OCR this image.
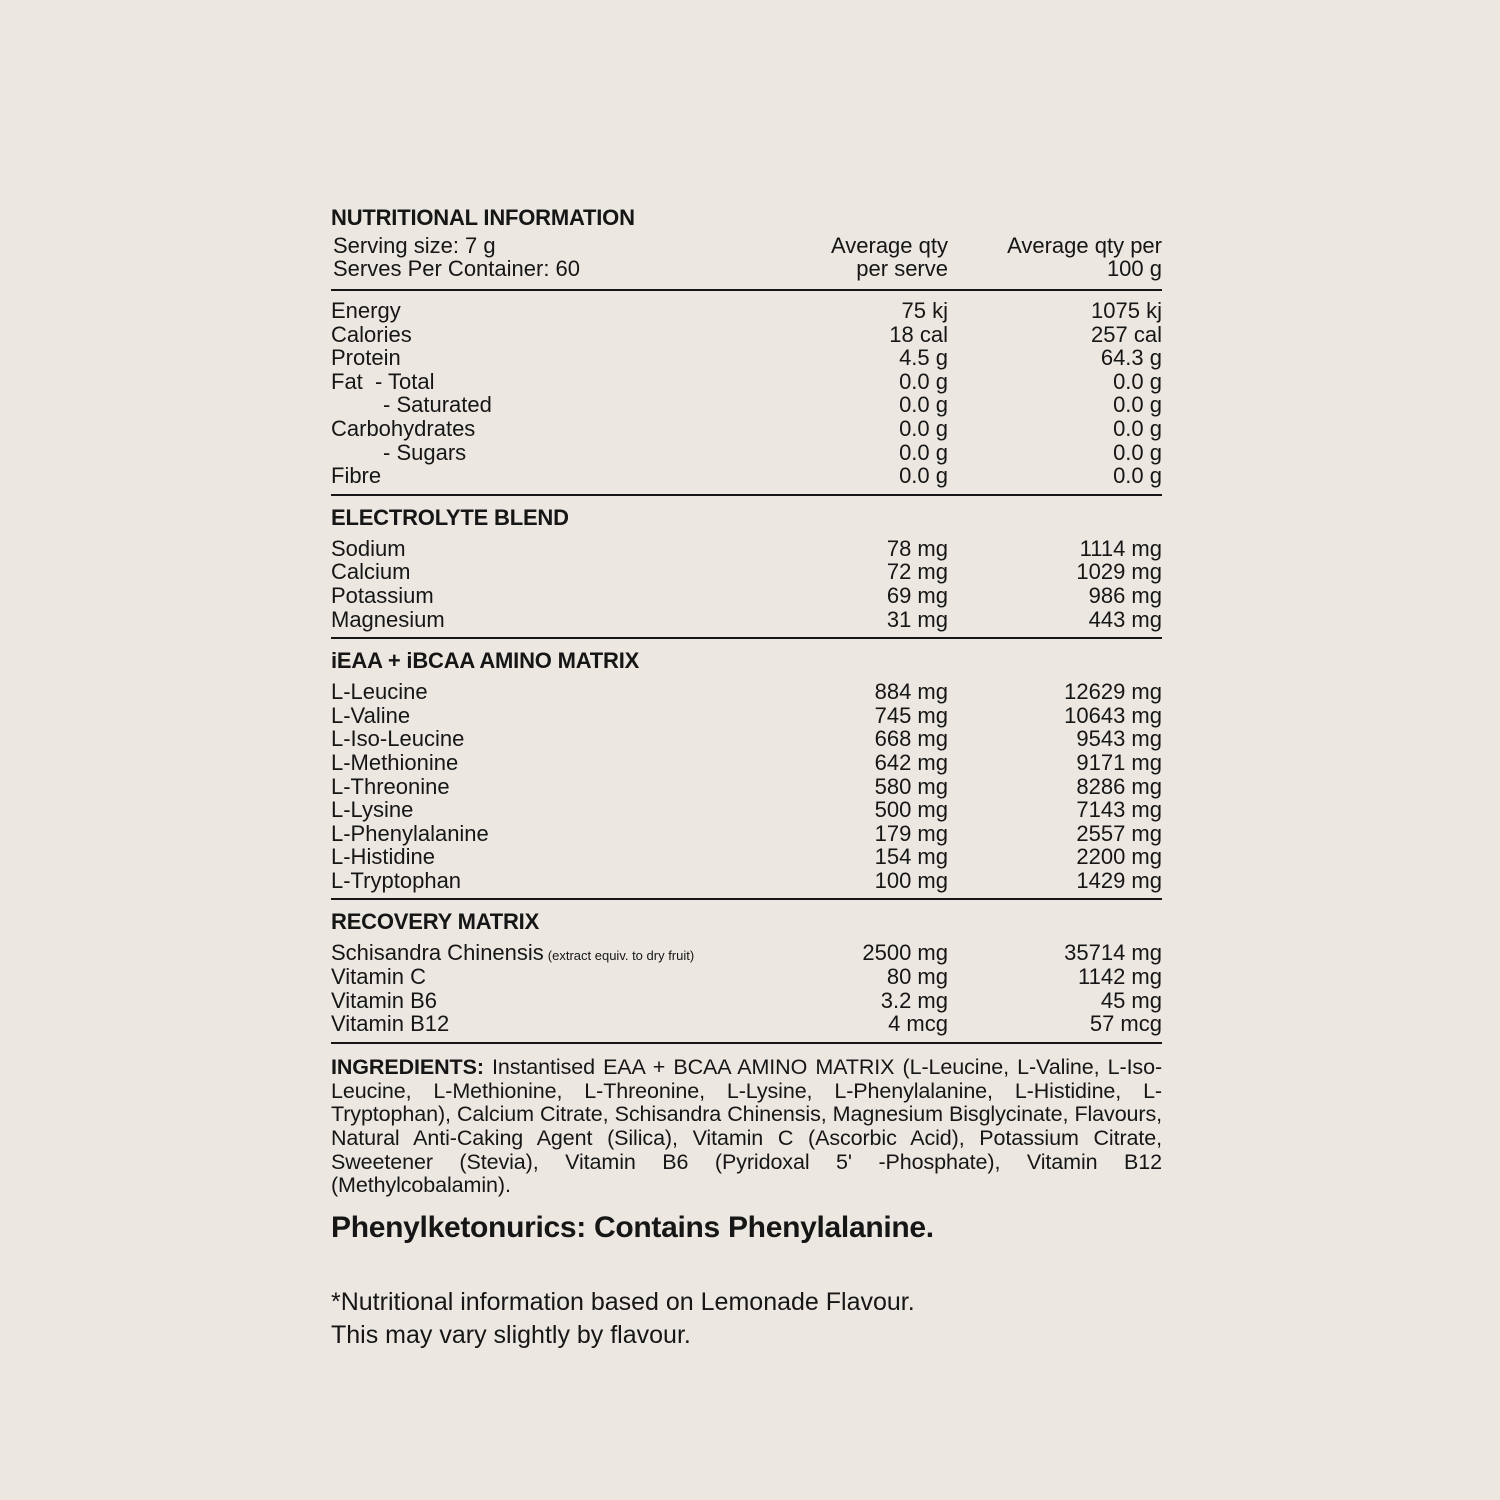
NUTRITIONAL INFORMATION
Serving size: 7 g
Serves Per Container: 60
Average qty
per serve
Average qty per
100 g
Energy	75 kj	1075 kj
Calories	18 cal	257 cal
Protein	4.5 g	64.3 g
Fat  - Total	0.0 g	0.0 g
- Saturated	0.0 g	0.0 g
Carbohydrates	0.0 g	0.0 g
- Sugars	0.0 g	0.0 g
Fibre	0.0 g	0.0 g
ELECTROLYTE BLEND
Sodium	78 mg	1114 mg
Calcium	72 mg	1029 mg
Potassium	69 mg	986 mg
Magnesium	31 mg	443 mg
iEAA + iBCAA AMINO MATRIX
L-Leucine	884 mg	12629 mg
L-Valine	745 mg	10643 mg
L-Iso-Leucine	668 mg	9543 mg
L-Methionine	642 mg	9171 mg
L-Threonine	580 mg	8286 mg
L-Lysine	500 mg	7143 mg
L-Phenylalanine	179 mg	2557 mg
L-Histidine	154 mg	2200 mg
L-Tryptophan	100 mg	1429 mg
RECOVERY MATRIX
Schisandra Chinensis (extract equiv. to dry fruit)	2500 mg	35714 mg
Vitamin C	80 mg	1142 mg
Vitamin B6	3.2 mg	45 mg
Vitamin B12	4 mcg	57 mcg
INGREDIENTS: Instantised EAA + BCAA AMINO MATRIX (L-Leucine, L-Valine, L-Iso-Leucine, L-Methionine, L-Threonine, L-Lysine, L-Phenylalanine, L-Histidine, L-Tryptophan), Calcium Citrate, Schisandra Chinensis, Magnesium Bisglycinate, Flavours, Natural Anti-Caking Agent (Silica), Vitamin C (Ascorbic Acid), Potassium Citrate, Sweetener (Stevia), Vitamin B6 (Pyridoxal 5' -Phosphate), Vitamin B12 (Methylcobalamin).
Phenylketonurics: Contains Phenylalanine.
*Nutritional information based on Lemonade Flavour.
This may vary slightly by flavour.
